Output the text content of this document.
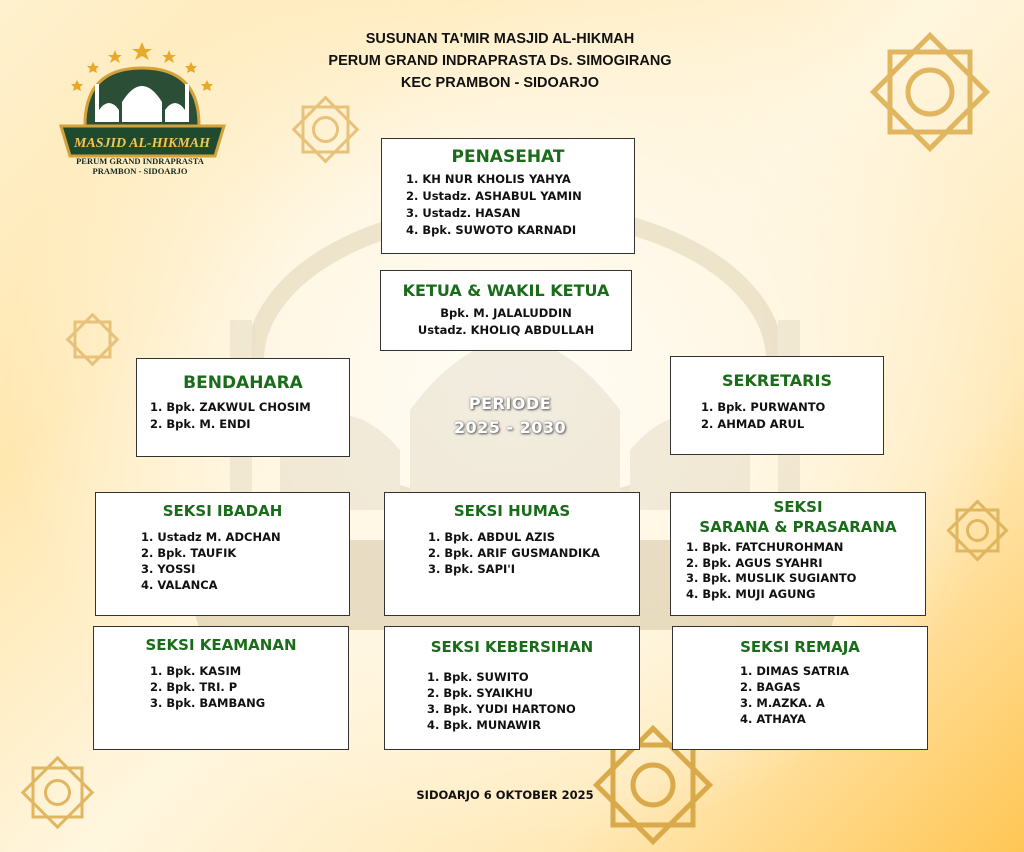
SUSUNAN TA'MIR MASJID AL-HIKMAH
PERUM GRAND INDRAPRASTA Ds. SIMOGIRANG
KEC PRAMBON - SIDOARJO
MASJID AL-HIKMAH
PERUM GRAND INDRAPRASTA
PRAMBON - SIDOARJO
PENASEHAT
1. KH NUR KHOLIS YAHYA
2. Ustadz. ASHABUL YAMIN
3. Ustadz. HASAN
4. Bpk. SUWOTO KARNADI
KETUA & WAKIL KETUA
Bpk. M. JALALUDDIN
Ustadz. KHOLIQ ABDULLAH
BENDAHARA
1. Bpk. ZAKWUL CHOSIM
2. Bpk. M. ENDI
PERIODE
2025 - 2030
SEKRETARIS
1. Bpk. PURWANTO
2. AHMAD ARUL
SEKSI IBADAH
1. Ustadz M. ADCHAN
2. Bpk. TAUFIK
3. YOSSI
4. VALANCA
SEKSI HUMAS
1. Bpk. ABDUL AZIS
2. Bpk. ARIF GUSMANDIKA
3. Bpk. SAPI'I
SEKSI
SARANA & PRASARANA
1. Bpk. FATCHUROHMAN
2. Bpk. AGUS SYAHRI
3. Bpk. MUSLIK SUGIANTO
4. Bpk. MUJI AGUNG
SEKSI KEAMANAN
1. Bpk. KASIM
2. Bpk. TRI. P
3. Bpk. BAMBANG
SEKSI KEBERSIHAN
1. Bpk. SUWITO
2. Bpk. SYAIKHU
3. Bpk. YUDI HARTONO
4. Bpk. MUNAWIR
SEKSI REMAJA
1. DIMAS SATRIA
2. BAGAS
3. M.AZKA. A
4. ATHAYA
SIDOARJO 6 OKTOBER 2025
